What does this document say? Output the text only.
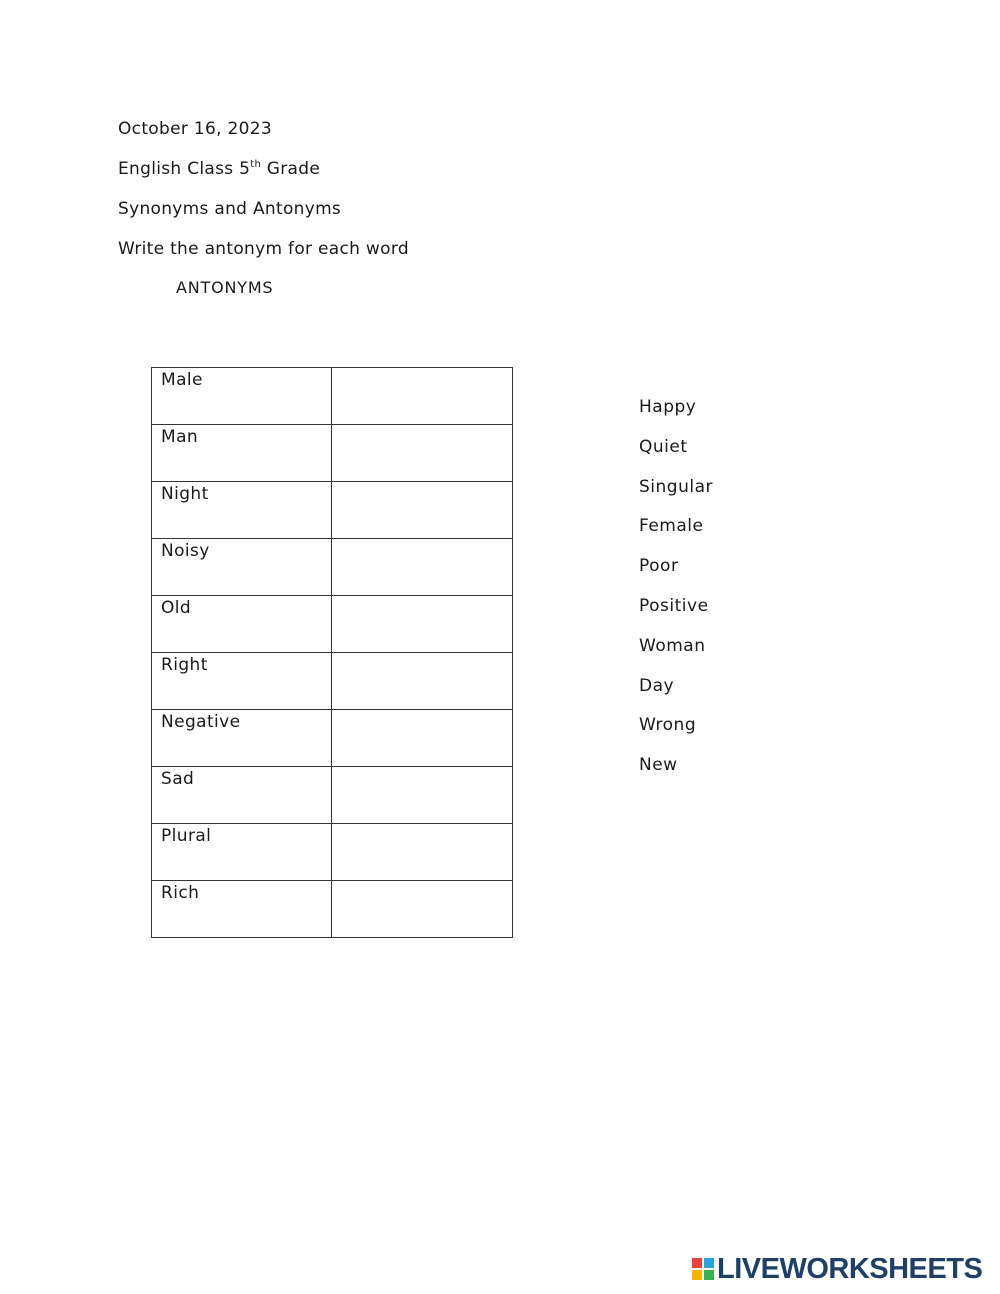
October 16, 2023
English Class 5th Grade
Synonyms and Antonyms
Write the antonym for each word
ANTONYMS
Male

Man

Night

Noisy

Old

Right

Negative

Sad

Plural

Rich

Happy
Quiet
Singular
Female
Poor
Positive
Woman
Day
Wrong
New
LIVEWORKSHEETS
